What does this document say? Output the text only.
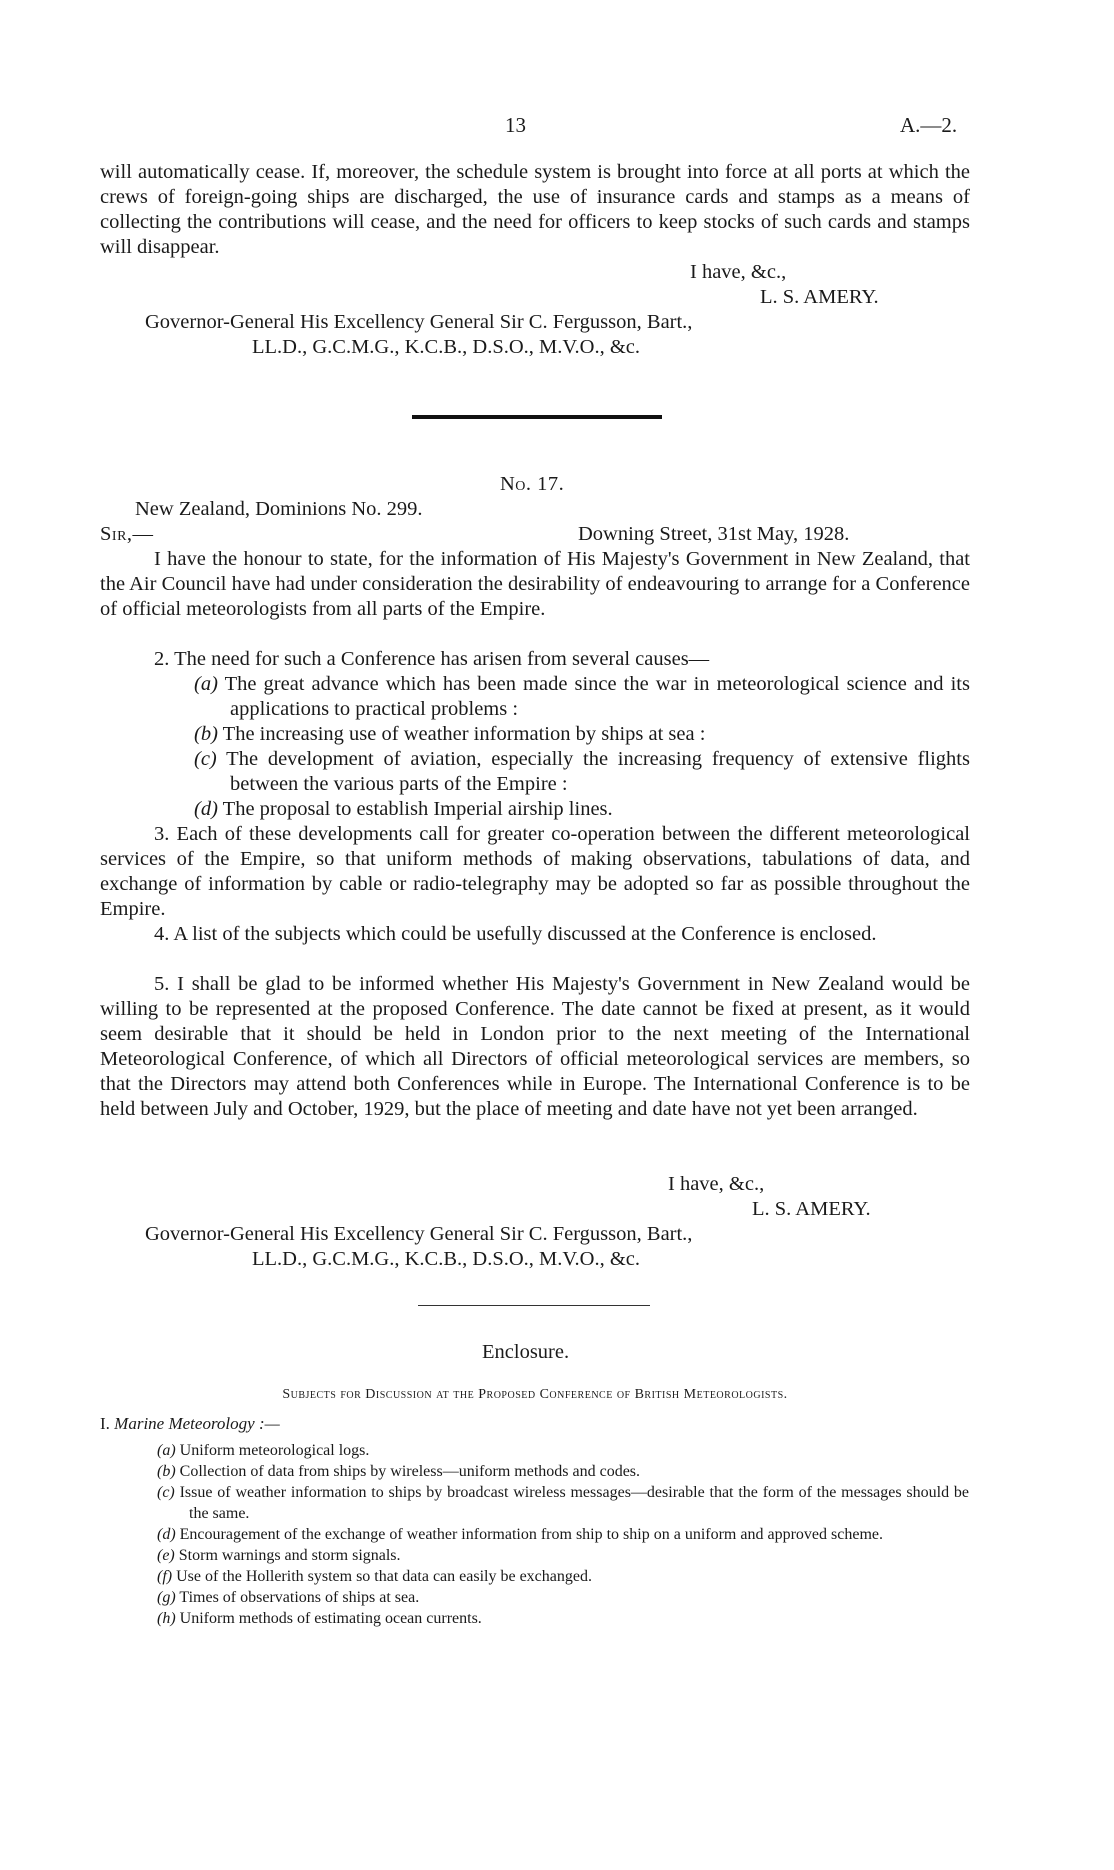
13	A.—2.

will automatically cease. If, moreover, the schedule system is brought into force at all ports at which the crews of foreign-going ships are discharged, the use of insurance cards and stamps as a means of collecting the contributions will cease, and the need for officers to keep stocks of such cards and stamps will disappear.

I have, &c.,
L. S. AMERY.
Governor-General His Excellency General Sir C. Fergusson, Bart.,
LL.D., G.C.M.G., K.C.B., D.S.O., M.V.O., &c.
No. 17.
New Zealand, Dominions No. 299.
Sir,—	Downing Street, 31st May, 1928.

I have the honour to state, for the information of His Majesty's Government in New Zealand, that the Air Council have had under consideration the desirability of endeavouring to arrange for a Conference of official meteorologists from all parts of the Empire.

2. The need for such a Conference has arisen from several causes—

(a) The great advance which has been made since the war in meteorological science and its applications to practical problems :

(b) The increasing use of weather information by ships at sea :

(c) The development of aviation, especially the increasing frequency of extensive flights between the various parts of the Empire :

(d) The proposal to establish Imperial airship lines.

3. Each of these developments call for greater co-operation between the different meteorological services of the Empire, so that uniform methods of making observations, tabulations of data, and exchange of information by cable or radio-telegraphy may be adopted so far as possible throughout the Empire.

4. A list of the subjects which could be usefully discussed at the Conference is enclosed.

5. I shall be glad to be informed whether His Majesty's Government in New Zealand would be willing to be represented at the proposed Conference. The date cannot be fixed at present, as it would seem desirable that it should be held in London prior to the next meeting of the International Meteorological Conference, of which all Directors of official meteorological services are members, so that the Directors may attend both Conferences while in Europe. The International Conference is to be held between July and October, 1929, but the place of meeting and date have not yet been arranged.

I have, &c.,
L. S. AMERY.
Governor-General His Excellency General Sir C. Fergusson, Bart.,
LL.D., G.C.M.G., K.C.B., D.S.O., M.V.O., &c.
Enclosure.
Subjects for Discussion at the Proposed Conference of British Meteorologists.
I. Marine Meteorology :—

(a) Uniform meteorological logs.

(b) Collection of data from ships by wireless—uniform methods and codes.

(c) Issue of weather information to ships by broadcast wireless messages—desirable that the form of the messages should be the same.

(d) Encouragement of the exchange of weather information from ship to ship on a uniform and approved scheme.

(e) Storm warnings and storm signals.

(f) Use of the Hollerith system so that data can easily be exchanged.

(g) Times of observations of ships at sea.

(h) Uniform methods of estimating ocean currents.
